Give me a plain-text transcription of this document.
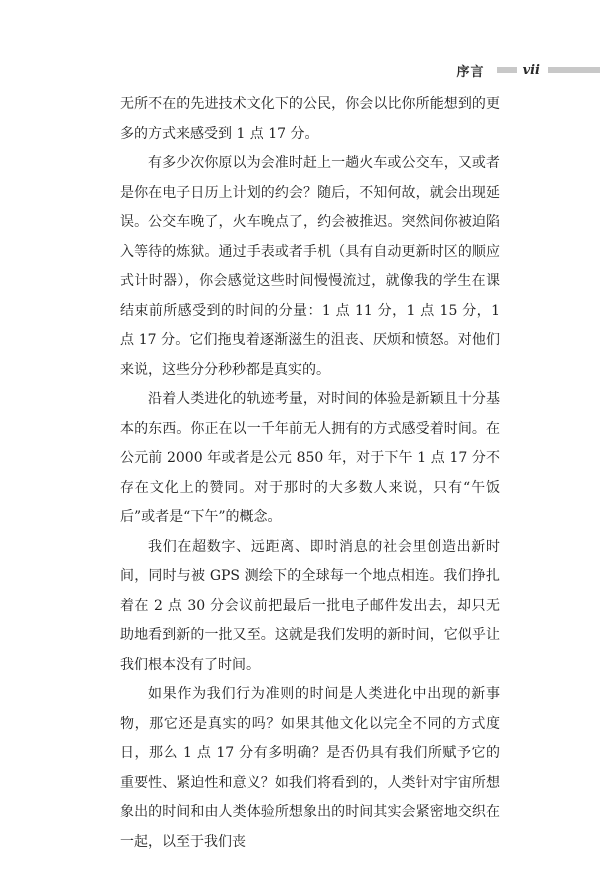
序言	vii

无所不在的先进技术文化下的公民，你会以比你所能想到的更多的方式来感受到 1 点 17 分。

有多少次你原以为会准时赶上一趟火车或公交车，又或者是你在电子日历上计划的约会？随后，不知何故，就会出现延误。公交车晚了，火车晚点了，约会被推迟。突然间你被迫陷入等待的炼狱。通过手表或者手机（具有自动更新时区的顺应式计时器），你会感觉这些时间慢慢流过，就像我的学生在课结束前所感受到的时间的分量：1 点 11 分，1 点 15 分，1 点 17 分。它们拖曳着逐渐滋生的沮丧、厌烦和愤怒。对他们来说，这些分分秒秒都是真实的。

沿着人类进化的轨迹考量，对时间的体验是新颖且十分基本的东西。你正在以一千年前无人拥有的方式感受着时间。在公元前 2000 年或者是公元 850 年，对于下午 1 点 17 分不存在文化上的赞同。对于那时的大多数人来说，只有“午饭后”或者是“下午”的概念。

我们在超数字、远距离、即时消息的社会里创造出新时间，同时与被 GPS 测绘下的全球每一个地点相连。我们挣扎着在 2 点 30 分会议前把最后一批电子邮件发出去，却只无助地看到新的一批又至。这就是我们发明的新时间，它似乎让我们根本没有了时间。

如果作为我们行为准则的时间是人类进化中出现的新事物，那它还是真实的吗？如果其他文化以完全不同的方式度日，那么 1 点 17 分有多明确？是否仍具有我们所赋予它的重要性、紧迫性和意义？如我们将看到的，人类针对宇宙所想象出的时间和由人类体验所想象出的时间其实会紧密地交织在一起，以至于我们丧
